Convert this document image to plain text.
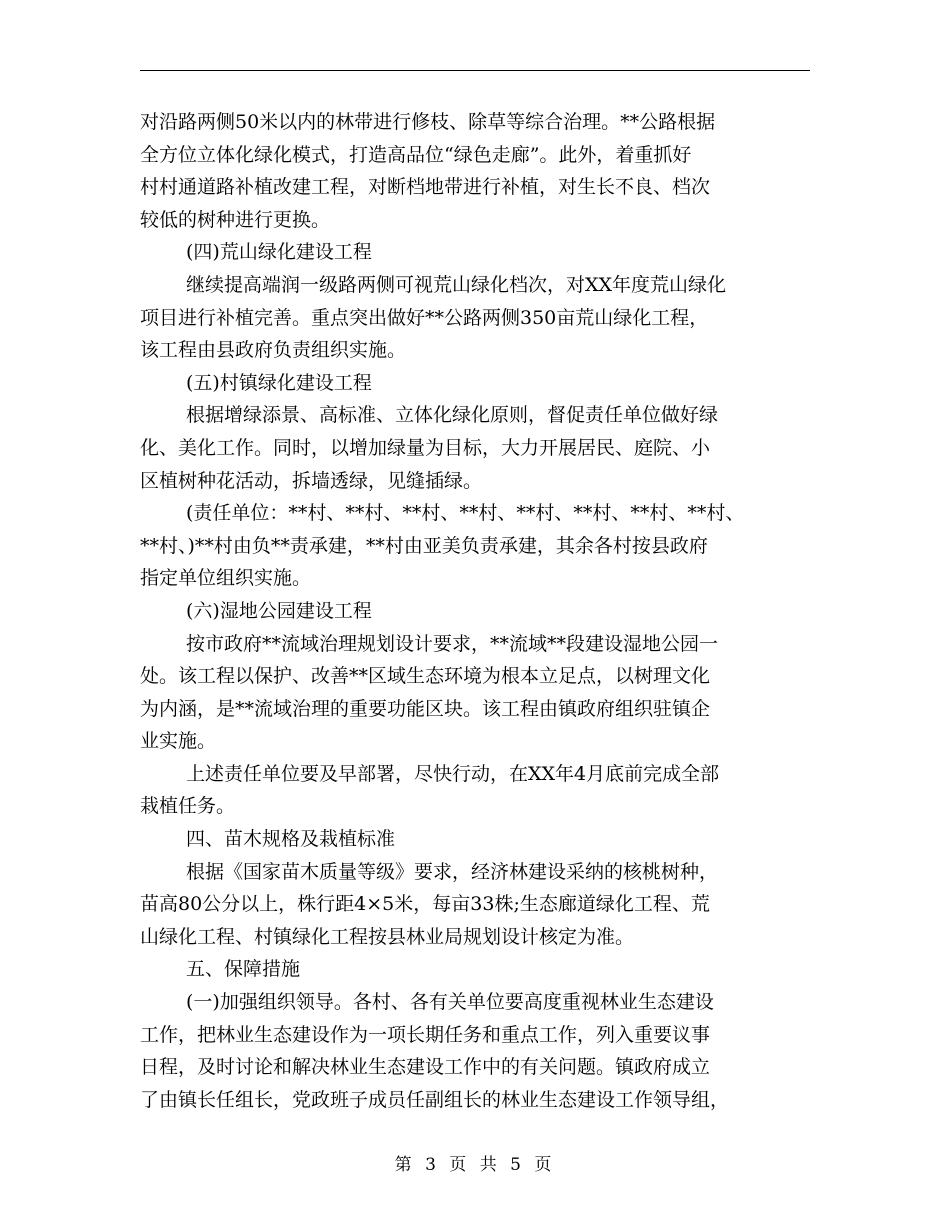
对沿路两侧50米以内的林带进行修枝、除草等综合治理。**公路根据
全方位立体化绿化模式，打造高品位“绿色走廊”。此外，着重抓好
村村通道路补植改建工程，对断档地带进行补植，对生长不良、档次
较低的树种进行更换。
(四)荒山绿化建设工程
继续提高端润一级路两侧可视荒山绿化档次，对XX年度荒山绿化
项目进行补植完善。重点突出做好**公路两侧350亩荒山绿化工程，
该工程由县政府负责组织实施。
(五)村镇绿化建设工程
根据增绿添景、高标准、立体化绿化原则，督促责任单位做好绿
化、美化工作。同时，以增加绿量为目标，大力开展居民、庭院、小
区植树种花活动，拆墙透绿，见缝插绿。
(责任单位：**村、**村、**村、**村、**村、**村、**村、**村、
**村、)**村由负**责承建，**村由亚美负责承建，其余各村按县政府
指定单位组织实施。
(六)湿地公园建设工程
按市政府**流域治理规划设计要求，**流域**段建设湿地公园一
处。该工程以保护、改善**区域生态环境为根本立足点，以树理文化
为内涵，是**流域治理的重要功能区块。该工程由镇政府组织驻镇企
业实施。
上述责任单位要及早部署，尽快行动，在XX年4月底前完成全部
栽植任务。
四、苗木规格及栽植标准
根据《国家苗木质量等级》要求，经济林建设采纳的核桃树种，
苗高80公分以上，株行距4×5米，每亩33株;生态廊道绿化工程、荒
山绿化工程、村镇绿化工程按县林业局规划设计核定为准。
五、保障措施
(一)加强组织领导。各村、各有关单位要高度重视林业生态建设
工作，把林业生态建设作为一项长期任务和重点工作，列入重要议事
日程，及时讨论和解决林业生态建设工作中的有关问题。镇政府成立
了由镇长任组长，党政班子成员任副组长的林业生态建设工作领导组，
第 3 页 共 5 页
